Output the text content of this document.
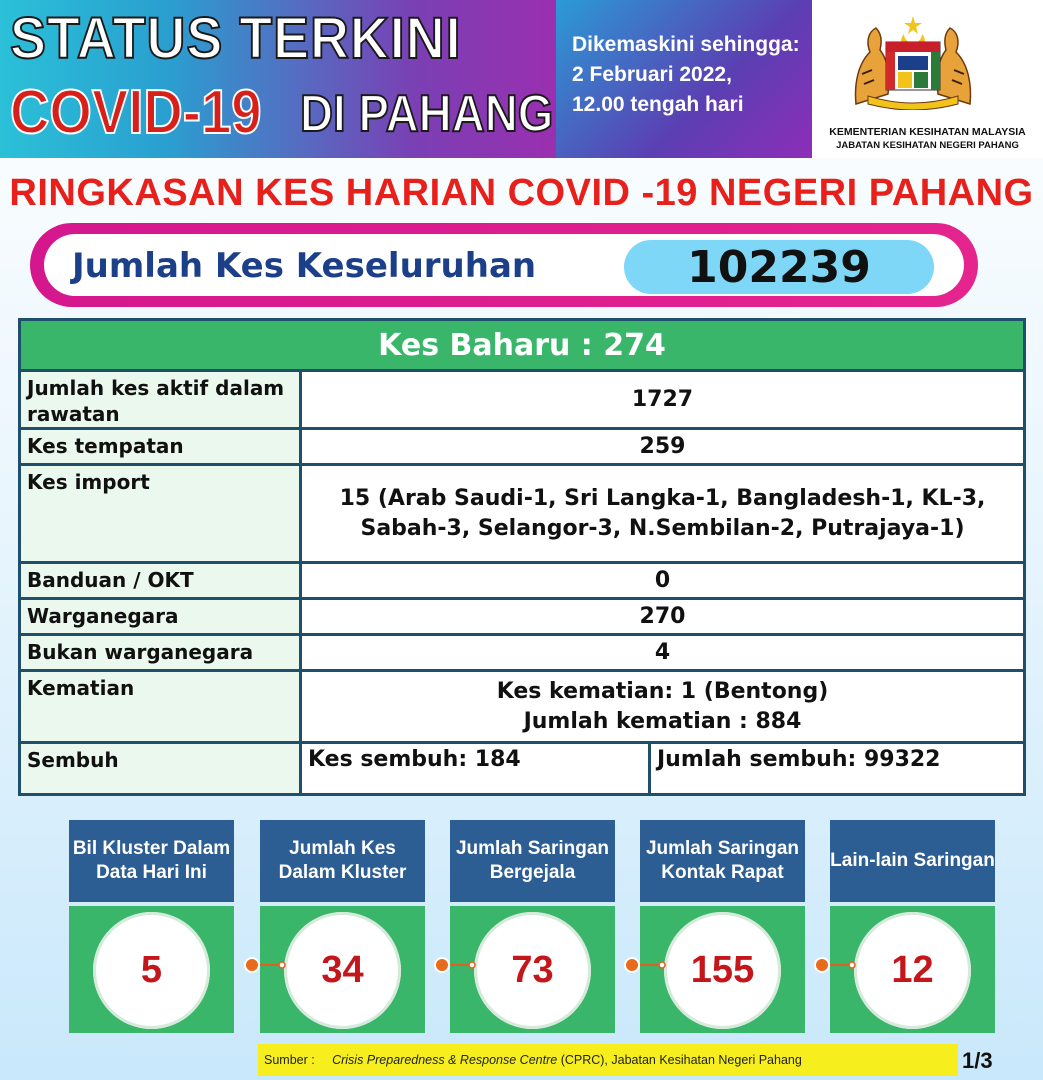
STATUS TERKINI
COVID-19 DI PAHANG
Dikemaskini sehingga:
2 Februari 2022,
12.00 tengah hari
KEMENTERIAN KESIHATAN MALAYSIA
JABATAN KESIHATAN NEGERI PAHANG
RINGKASAN KES HARIAN COVID -19 NEGERI PAHANG
Jumlah Kes Keseluruhan	102239
Kes Baharu : 274		
Jumlah kes aktif dalam rawatan	1727	
Kes tempatan	259	
Kes import	15 (Arab Saudi-1, Sri Langka-1, Bangladesh-1, KL-3, Sabah-3, Selangor-3, N.Sembilan-2, Putrajaya-1)	
Banduan / OKT	0	
Warganegara	270	
Bukan warganegara	4	
Kematian	Kes kematian: 1 (Bentong)
Jumlah kematian : 884	

Sembuh	Kes sembuh: 184	Jumlah sembuh: 99322
Bil Kluster Dalam Data Hari Ini
5
Jumlah Kes Dalam Kluster
34
Jumlah Saringan Bergejala
73
Jumlah Saringan Kontak Rapat
155
Lain-lain Saringan
12
Sumber : Crisis Preparedness & Response Centre (CPRC), Jabatan Kesihatan Negeri Pahang	1/3
